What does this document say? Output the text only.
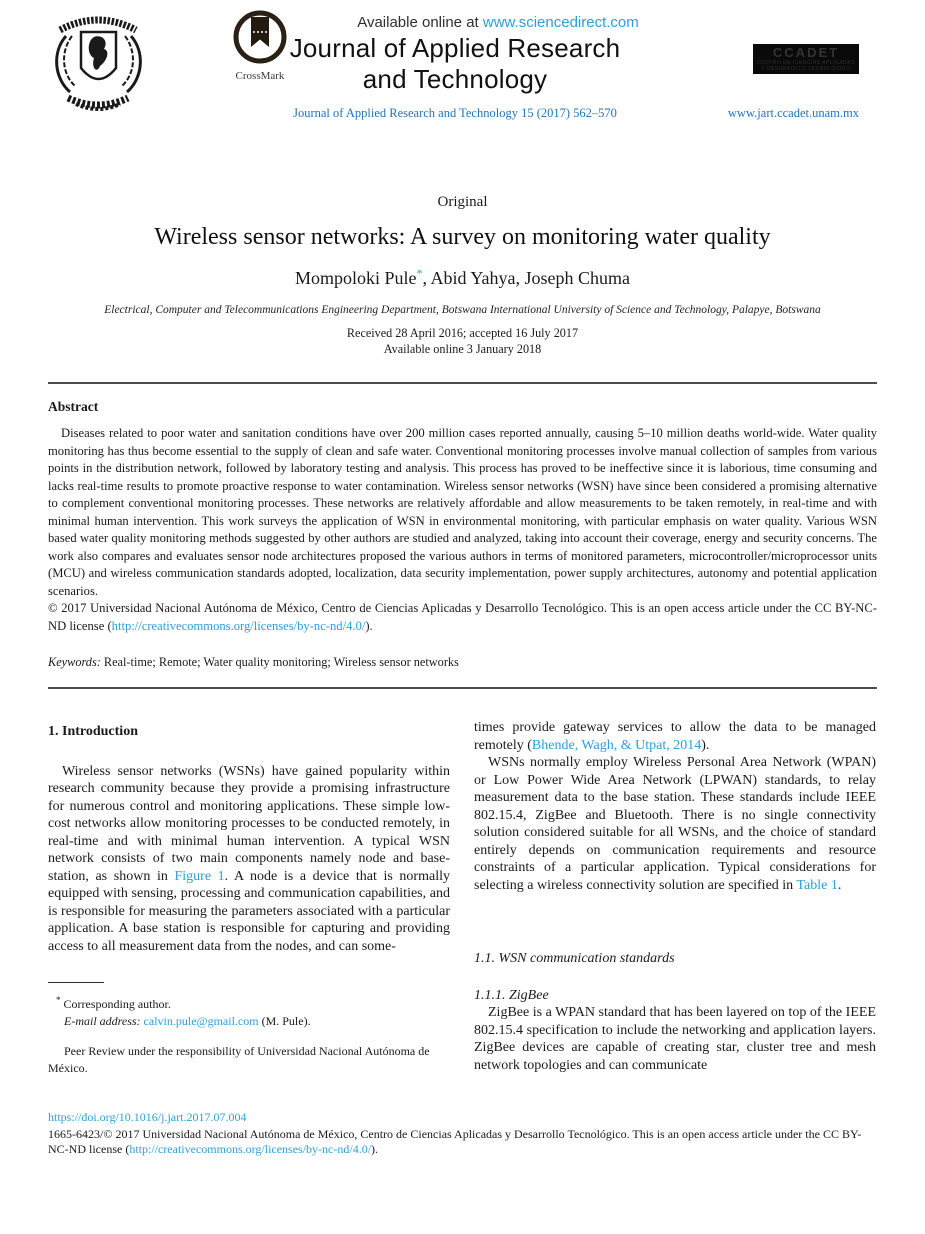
CrossMark
Available online at www.sciencedirect.com
Journal of Applied Research
and Technology
Journal of Applied Research and Technology 15 (2017) 562–570
CCADET
CENTRO DE CIENCIAS APLICADAS
Y DESARROLLO TECNOLÓGICO
www.jart.ccadet.unam.mx
Original
Wireless sensor networks: A survey on monitoring water quality
Mompoloki Pule*, Abid Yahya, Joseph Chuma
Electrical, Computer and Telecommunications Engineering Department, Botswana International University of Science and Technology, Palapye, Botswana
Received 28 April 2016; accepted 16 July 2017
Available online 3 January 2018
Abstract
Diseases related to poor water and sanitation conditions have over 200 million cases reported annually, causing 5–10 million deaths world-wide. Water quality monitoring has thus become essential to the supply of clean and safe water. Conventional monitoring processes involve manual collection of samples from various points in the distribution network, followed by laboratory testing and analysis. This process has proved to be ineffective since it is laborious, time consuming and lacks real-time results to promote proactive response to water contamination. Wireless sensor networks (WSN) have since been considered a promising alternative to complement conventional monitoring processes. These networks are relatively affordable and allow measurements to be taken remotely, in real-time and with minimal human intervention. This work surveys the application of WSN in environmental monitoring, with particular emphasis on water quality. Various WSN based water quality monitoring methods suggested by other authors are studied and analyzed, taking into account their coverage, energy and security concerns. The work also compares and evaluates sensor node architectures proposed the various authors in terms of monitored parameters, microcontroller/microprocessor units (MCU) and wireless communication standards adopted, localization, data security implementation, power supply architectures, autonomy and potential application scenarios.
© 2017 Universidad Nacional Autónoma de México, Centro de Ciencias Aplicadas y Desarrollo Tecnológico. This is an open access article under the CC BY-NC-ND license (http://creativecommons.org/licenses/by-nc-nd/4.0/).
Keywords: Real-time; Remote; Water quality monitoring; Wireless sensor networks
1. Introduction

Wireless sensor networks (WSNs) have gained popularity within research community because they provide a promising infrastructure for numerous control and monitoring applications. These simple low-cost networks allow monitoring processes to be conducted remotely, in real-time and with minimal human intervention. A typical WSN network consists of two main components namely node and base-station, as shown in Figure 1. A node is a device that is normally equipped with sensing, processing and communication capabilities, and is responsible for measuring the parameters associated with a particular application. A base station is responsible for capturing and providing access to all measurement data from the nodes, and can some-

* Corresponding author.
E-mail address: calvin.pule@gmail.com (M. Pule).
Peer Review under the responsibility of Universidad Nacional Autónoma de México.

times provide gateway services to allow the data to be managed remotely (Bhende, Wagh, & Utpat, 2014).

WSNs normally employ Wireless Personal Area Network (WPAN) or Low Power Wide Area Network (LPWAN) standards, to relay measurement data to the base station. These standards include IEEE 802.15.4, ZigBee and Bluetooth. There is no single connectivity solution considered suitable for all WSNs, and the choice of standard entirely depends on communication requirements and resource constraints of a particular application. Typical considerations for selecting a wireless connectivity solution are specified in Table 1.

1.1. WSN communication standards
1.1.1. ZigBee

ZigBee is a WPAN standard that has been layered on top of the IEEE 802.15.4 specification to include the networking and application layers. ZigBee devices are capable of creating star, cluster tree and mesh network topologies and can communicate

https://doi.org/10.1016/j.jart.2017.07.004
1665-6423/© 2017 Universidad Nacional Autónoma de México, Centro de Ciencias Aplicadas y Desarrollo Tecnológico. This is an open access article under the CC BY-NC-ND license (http://creativecommons.org/licenses/by-nc-nd/4.0/).
